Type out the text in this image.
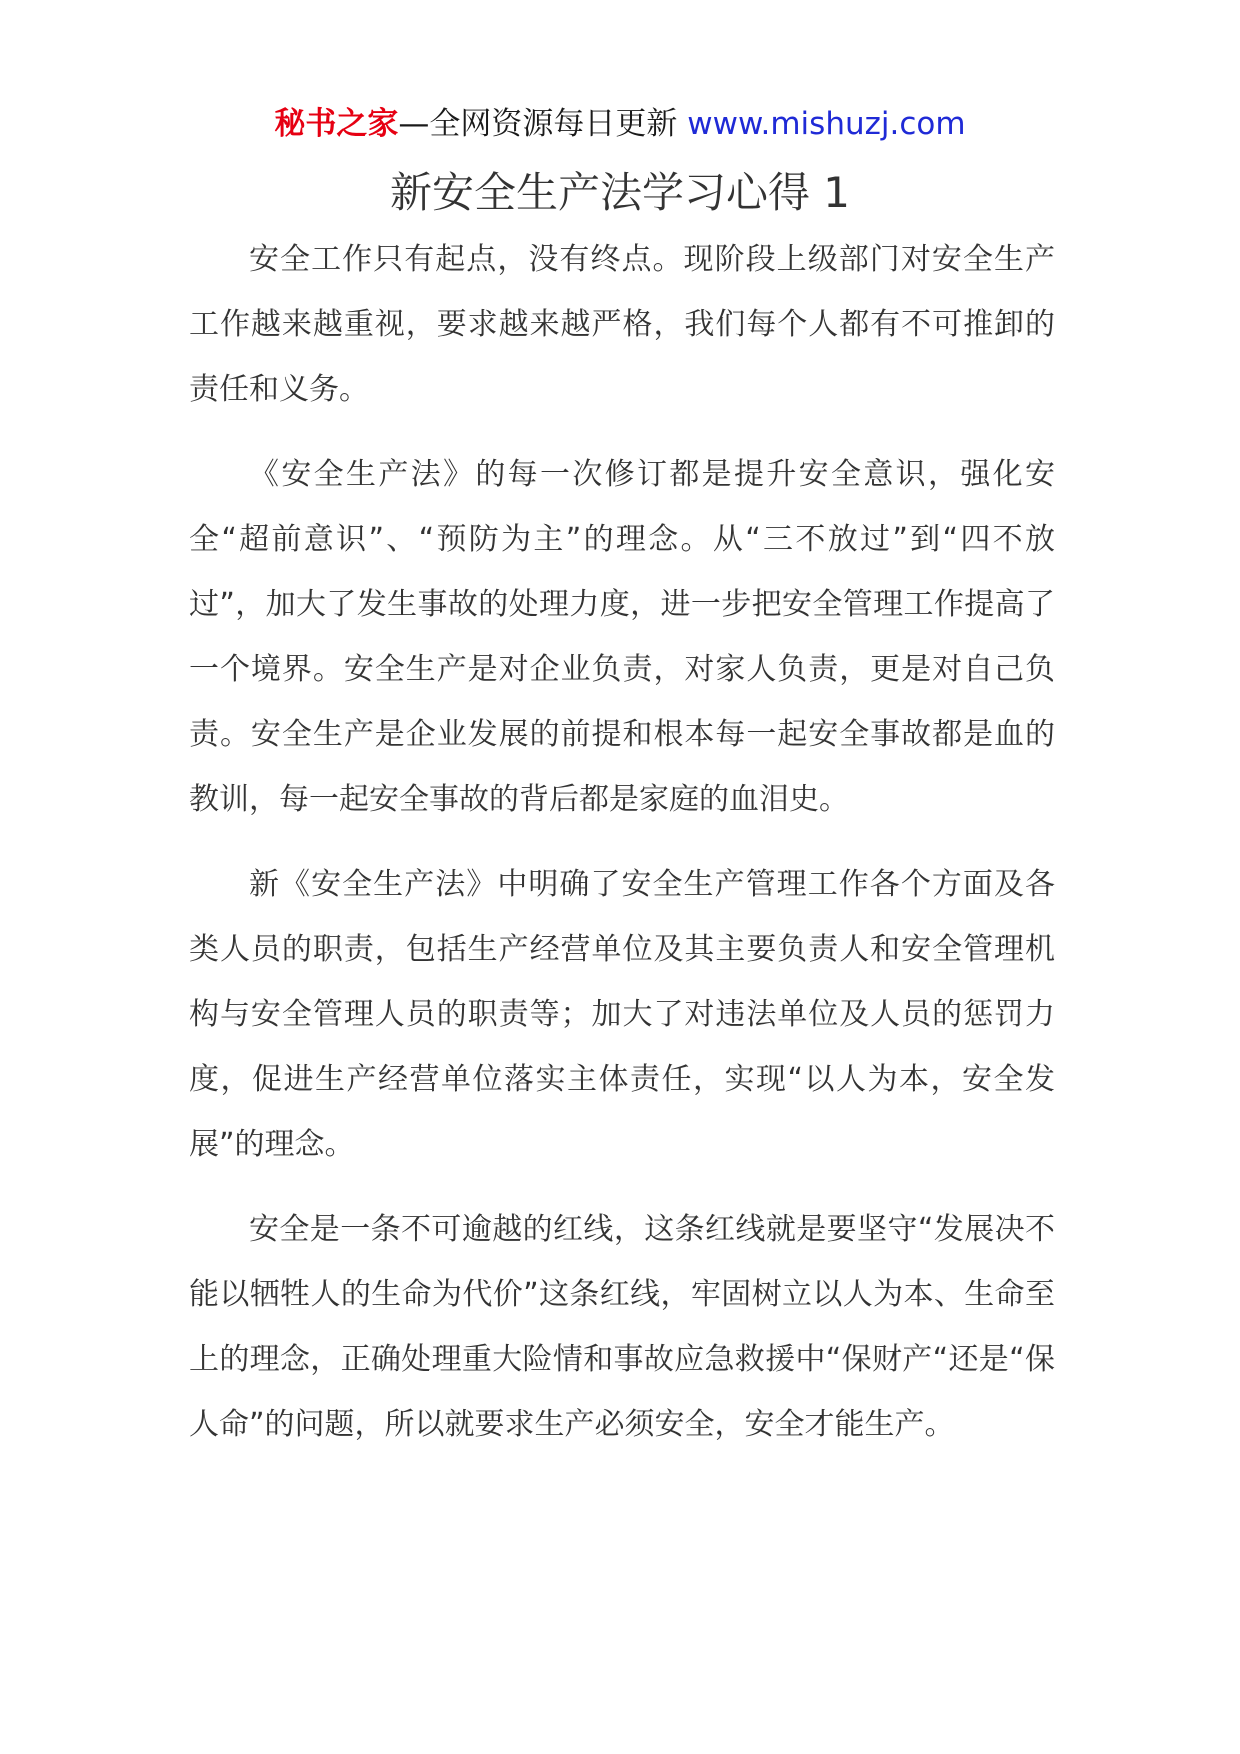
秘书之家—全网资源每日更新 www.mishuzj.com
新安全生产法学习心得 1

安全工作只有起点，没有终点。现阶段上级部门对安全生产工作越来越重视，要求越来越严格，我们每个人都有不可推卸的责任和义务。

《安全生产法》的每一次修订都是提升安全意识，强化安全“超前意识”、“预防为主”的理念。从“三不放过”到“四不放过”，加大了发生事故的处理力度，进一步把安全管理工作提高了一个境界。安全生产是对企业负责，对家人负责，更是对自己负责。安全生产是企业发展的前提和根本每一起安全事故都是血的教训，每一起安全事故的背后都是家庭的血泪史。

新《安全生产法》中明确了安全生产管理工作各个方面及各类人员的职责，包括生产经营单位及其主要负责人和安全管理机构与安全管理人员的职责等；加大了对违法单位及人员的惩罚力度，促进生产经营单位落实主体责任，实现“以人为本，安全发展”的理念。

安全是一条不可逾越的红线，这条红线就是要坚守“发展决不能以牺牲人的生命为代价”这条红线，牢固树立以人为本、生命至上的理念，正确处理重大险情和事故应急救援中“保财产“还是“保人命”的问题，所以就要求生产必须安全，安全才能生产。
